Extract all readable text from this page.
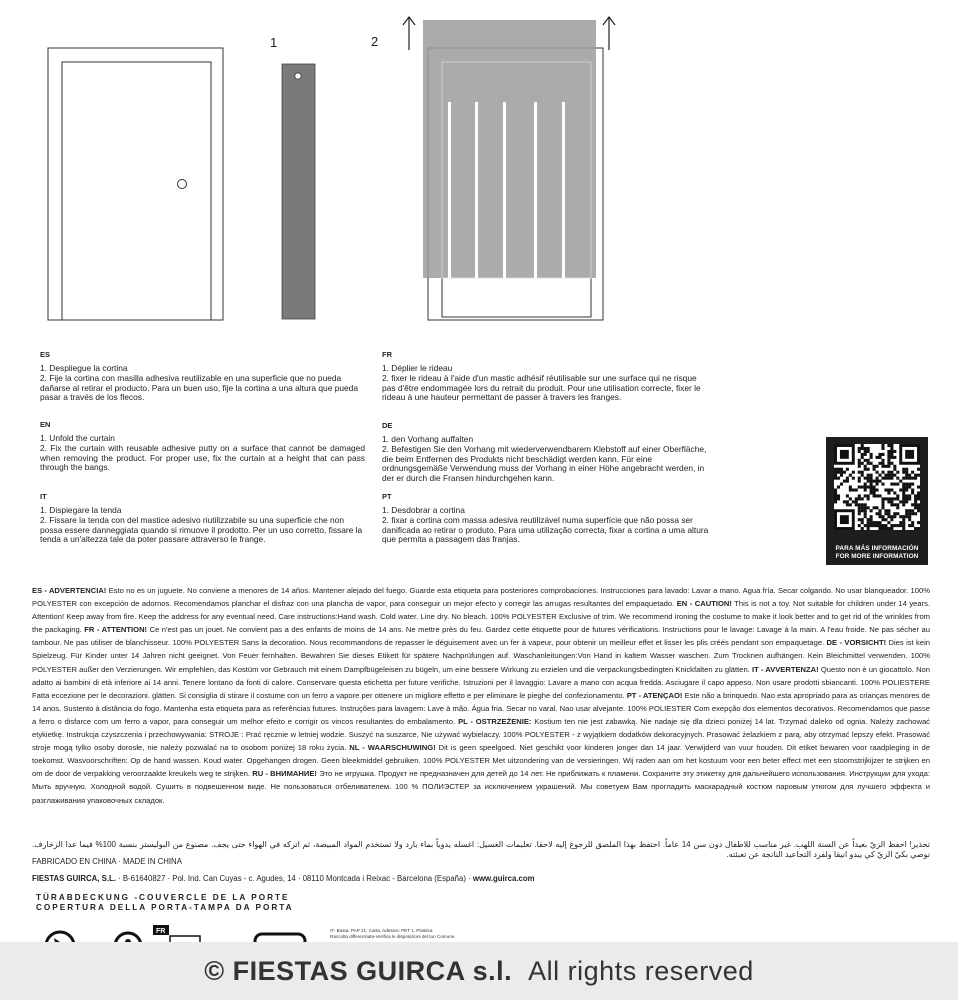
1	2
ES

1. Despliegue la cortina

2. Fije la cortina con masilla adhesiva reutilizable en una superficie que no pueda dañarse al retirar el producto. Para un buen uso, fije la cortina a una altura que pueda pasar a través de los flecos.

EN

1. Unfold the curtain

2. Fix the curtain with reusable adhesive putty on a surface that cannot be damaged when removing the product. For proper use, fix the curtain at a height that can pass through the bangs.

IT

1. Dispiegare la tenda

2. Fissare la tenda con del mastice adesivo riutilizzabile su una superficie che non possa essere danneggiata quando si rimuove il prodotto. Per un uso corretto, fissare la tenda a un'altezza tale da poter passare attraverso le frange.

FR

1. Déplier le rideau

2. fixer le rideau à l'aide d'un mastic adhésif réutilisable sur une surface qui ne risque pas d'être endommagée lors du retrait du produit. Pour une utilisation correcte, fixer le rideau à une hauteur permettant de passer à travers les franges.

DE

1. den Vorhang auffalten

2. Befestigen Sie den Vorhang mit wiederverwendbarem Klebstoff auf einer Oberfläche, die beim Entfernen des Produkts nicht beschädigt werden kann. Für eine ordnungsgemäße Verwendung muss der Vorhang in einer Höhe angebracht werden, in der er durch die Fransen hindurchgehen kann.

PT

1. Desdobrar a cortina

2. fixar a cortina com massa adesiva reutilizável numa superfície que não possa ser danificada ao retirar o produto. Para uma utilização correcta, fixar a cortina a uma altura que permita a passagem das franjas.

PARA MÁS INFORMACIÓN
FOR MORE INFORMATION
ES - ADVERTENCIA! Esto no es un juguete. No conviene a menores de 14 años. Mantener alejado del fuego. Guarde esta etiqueta para posteriores comprobaciones. Instrucciones para lavado: Lavar a mano. Agua fría. Secar colgando. No usar blanqueador. 100% POLYESTER con excepción de adornos. Recomendamos planchar el disfraz con una plancha de vapor, para conseguir un mejor efecto y corregir las arrugas resultantes del empaquetado. EN - CAUTION! This is not a toy. Not suitable for children under 14 years. Attention! Keep away from fire. Keep the address for any eventual need. Care instructions:Hand wash. Cold water. Line dry. No bleach. 100% POLYESTER Exclusive of trim. We recommend ironing the costume to make it look better and to get rid of the wrinkles from the packaging. FR - ATTENTION! Ce n'est pas un jouet. Ne convient pas a des enfants de moins de 14 ans. Ne mettre près du feu. Gardez cette étiquette pour de futures vérifications. Instructions pour le lavage: Lavage à la main. A l'eau froide. Ne pas sécher au tambour. Ne pas utiliser de blanchisseur. 100% POLYESTER Sans la decoration. Nous recommandons de repasser le déguisement avec un fer à vapeur, pour obtenir un meilleur effet et lisser les plis créés pendant son empaquetage. DE - VORSICHT! Dies ist kein Spielzeug. Für Kinder unter 14 Jahren nicht geeignet. Von Feuer fernhalten. Bewahren Sie dieses Etikett für spätere Nachprüfungen auf. Waschanleitungen:Von Hand in kaltem Wasser waschen. Zum Trocknen aufhängen. Kein Bleichmittel verwenden. 100% POLYESTER außer den Verzierungen. Wir empfehlen, das Kostüm vor Gebrauch mit einem Dampfbügeleisen zu bügeln, um eine bessere Wirkung zu erzielen und die verpackungsbedingten Knickfalten zu glätten. IT - AVVERTENZA! Questo non è un giocattolo. Non adatto ai bambini di età inferiore ai 14 anni. Tenere lontano da fonti di calore. Conservare questa etichetta per future verifiche. Istruzioni per il lavaggio: Lavare a mano con acqua fredda. Asciugare il capo appeso. Non usare prodotti sbiancanti. 100% POLIESTERE Fatta eccezione per le decorazioni. glätten. Si consiglia di stirare il costume con un ferro a vapore per ottenere un migliore effetto e per eliminare le pieghe del confezionamento. PT - ATENÇAO! Este não a brinquedo. Nao esta apropriado para as crianças menores de 14 anos. Sustento à distância do fogo. Mantenha esta etiqueta para as referências futures. Instruções para lavagem: Lave à mão. Água fria. Secar no varal. Nao usar alvejante. 100% POLIESTER Com exepção dos elementos decorativos. Recomendamos que passe a ferro o disfarce com um ferro a vapor, para conseguir um melhor efeito e corrigir os vincos resultantes do embalamento. PL - OSTRZEŻENIE: Kostium ten nie jest zabawką. Nie nadaje się dla dzieci poniżej 14 lat. Trzymać daleko od ognia. Należy zachować etykietkę. Instrukcja czyszczenia i przechowywania: STROJE : Prać ręcznie w letniej wodzie. Suszyć na suszarce, Nie używać wybielaczy. 100% POLYESTER - z wyjątkiem dodatków dekoracyjnych. Prasować żelazkiem z parą, aby otrzymać lepszy efekt. Prasować stroje mogą tylko osoby dorosłe, nie należy pozwalać na to osobom poniżej 18 roku życia. NL - WAARSCHUWING! Dit is geen speelgoed. Niet geschikt voor kinderen jonger dan 14 jaar. Verwijderd van vuur houden. Dit etiket bewaren voor raadpleging in de toekomst. Wasvoorschriften: Op de hand wassen. Koud water. Opgehangen drogen. Geen bleekmiddel gebruiken. 100% POLYESTER Met uitzondering van de versieringen. Wij raden aan om het kostuum voor een beter effect met een stoomstrijkijzer te strijken en om de door de verpakking veroorzaakte kreukels weg te strijken. RU - ВНИМАНИЕ! Это не игрушка. Продукт не предназначен для детей до 14 лет. Не приближать к пламени. Сохраните эту этикетку для дальнейшего использования. Инструкции для ухода: Мыть вручную. Холодной водой. Сушить в подвешенном виде. Не пользоваться отбеливателем. 100 % ПОЛИЭСТЕР за исключением украшений. Мы советуем Вам прогладить маскарадный костюм паровым утюгом для лучшего эффекта и разглаживания упаковочных складок.
تحذير! احفظ الزيّ بعيداً عن السنة اللهب. غير مناسب للاطفال دون سن 14 عاماً. احتفظ بهذا الملصق للرجوع إليه لاحقا. تعليمات الغسيل: اغسله يدوياً بماء بارد ولا تستخدم المواد المبيضة، ثم اتركه في الهواء حتى يجف. مصنوع من البوليستر بنسبة 100% فيما عدا الزخارف. نوصي بكيّ الزيّ كي يبدو انيقا ولفرد التجاعيد الناتجة عن تعبئته.
FABRICADO EN CHINA · MADE IN CHINA
FIESTAS GUIRCA, S.L. · B-61640827 · Pol. Ind. Can Cuyas - c. Agudes, 14 · 08110 Montcada i Reixac - Barcelona (España) · www.guirca.com
TÜRABDECKUNG -COUVERCLE DE LA PORTE
COPERTURA DELLA PORTA-TAMPA DA PORTA
FR	IT- Busta: PAP 21, Carta. Adesivo: PET 1, Plastica
Raccolta differenziata-Verifica le disposizioni del tuo Comune.
© FIESTAS GUIRCA s.l. All rights reserved
